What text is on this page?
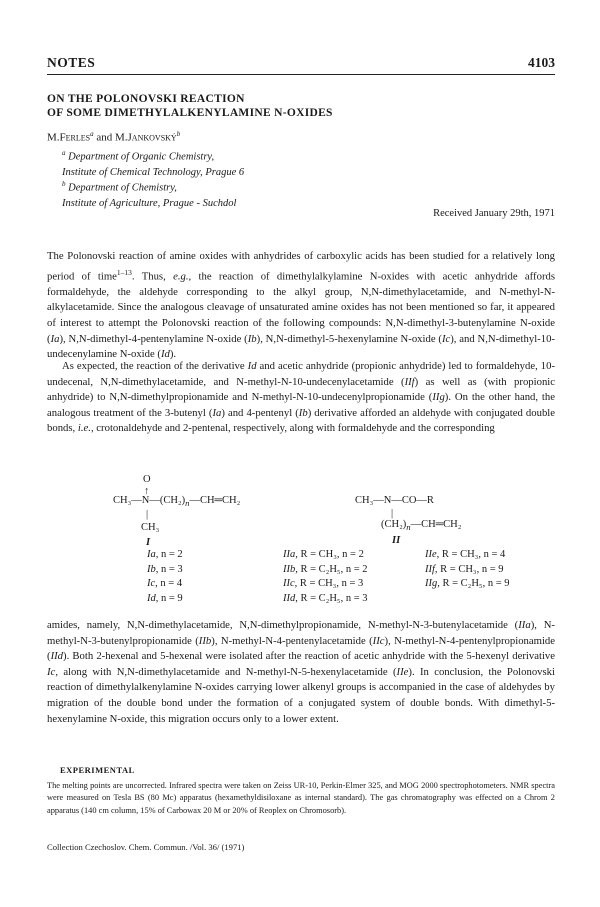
NOTES	4103
ON THE POLONOVSKI REACTION
OF SOME DIMETHYLALKENYLAMINE N-OXIDES
M.Ferles$^a$ and M.Jankovský$^b$
$^a$ Department of Organic Chemistry,
Institute of Chemical Technology, Prague 6
$^b$ Department of Chemistry,
Institute of Agriculture, Prague - Suchdol
Received January 29th, 1971
The Polonovski reaction of amine oxides with anhydrides of carboxylic acids has been studied for a relatively long period of time$^{1-13}$. Thus, e.g., the reaction of dimethylalkylamine N-oxides with acetic anhydride affords formaldehyde, the aldehyde corresponding to the alkyl group, N,N-dimethylacetamide, and N-methyl-N-alkylacetamide. Since the analogous cleavage of unsaturated amine oxides has not been mentioned so far, it appeared of interest to attempt the Polonovski reaction of the following compounds: N,N-dimethyl-3-butenylamine N-oxide (Ia), N,N-dimethyl-4-pentenylamine N-oxide (Ib), N,N-dimethyl-5-hexenylamine N-oxide (Ic), and N,N-dimethyl-10-undecenylamine N-oxide (Id).
As expected, the reaction of the derivative Id and acetic anhydride (propionic anhydride) led to formaldehyde, 10-undecenal, N,N-dimethylacetamide, and N-methyl-N-10-undecenylacetamide (IIf) as well as (with propionic anhydride) to N,N-dimethylpropionamide and N-methyl-N-10-undecenylpropionamide (IIg). On the other hand, the analogous treatment of the 3-butenyl (Ia) and 4-pentenyl (Ib) derivative afforded an aldehyde with conjugated double bonds, i.e., crotonaldehyde and 2-pentenal, respectively, along with formaldehyde and the corresponding
O
↑
$CH_3—N—(CH_2)_n—CH═CH_2$
|
CH₃
I
CH₃—N—CO—R
|
$(CH_2)_n—CH═CH_2$
II
Ia, n = 2
Ib, n = 3
Ic, n = 4
Id, n = 9
IIa, R = CH₃, n = 2
IIb, R = C₂H₅, n = 2
IIc, R = CH₃, n = 3
IId, R = C₂H₅, n = 3
IIe, R = CH₃, n = 4
IIf, R = CH₃, n = 9
IIg, R = C₂H₅, n = 9
amides, namely, N,N-dimethylacetamide, N,N-dimethylpropionamide, N-methyl-N-3-butenylacetamide (IIa), N-methyl-N-3-butenylpropionamide (IIb), N-methyl-N-4-pentenylacetamide (IIc), N-methyl-N-4-pentenylpropionamide (IId). Both 2-hexenal and 5-hexenal were isolated after the reaction of acetic anhydride with the 5-hexenyl derivative Ic, along with N,N-dimethylacetamide and N-methyl-N-5-hexenylacetamide (IIe). In conclusion, the Polonovski reaction of dimethylalkenylamine N-oxides carrying lower alkenyl groups is accompanied in the case of aldehydes by migration of the double bond under the formation of a conjugated system of double bonds. With dimethyl-5-hexenylamine N-oxide, this migration occurs only to a lower extent.
EXPERIMENTAL
The melting points are uncorrected. Infrared spectra were taken on Zeiss UR-10, Perkin-Elmer 325, and MOG 2000 spectrophotometers. NMR spectra were measured on Tesla BS (80 Mc) apparatus (hexamethyldisiloxane as internal standard). The gas chromatography was effected on a Chrom 2 apparatus (140 cm column, 15% of Carbowax 20 M or 20% of Reoplex on Chromosorb).
Collection Czechoslov. Chem. Commun. /Vol. 36/ (1971)
